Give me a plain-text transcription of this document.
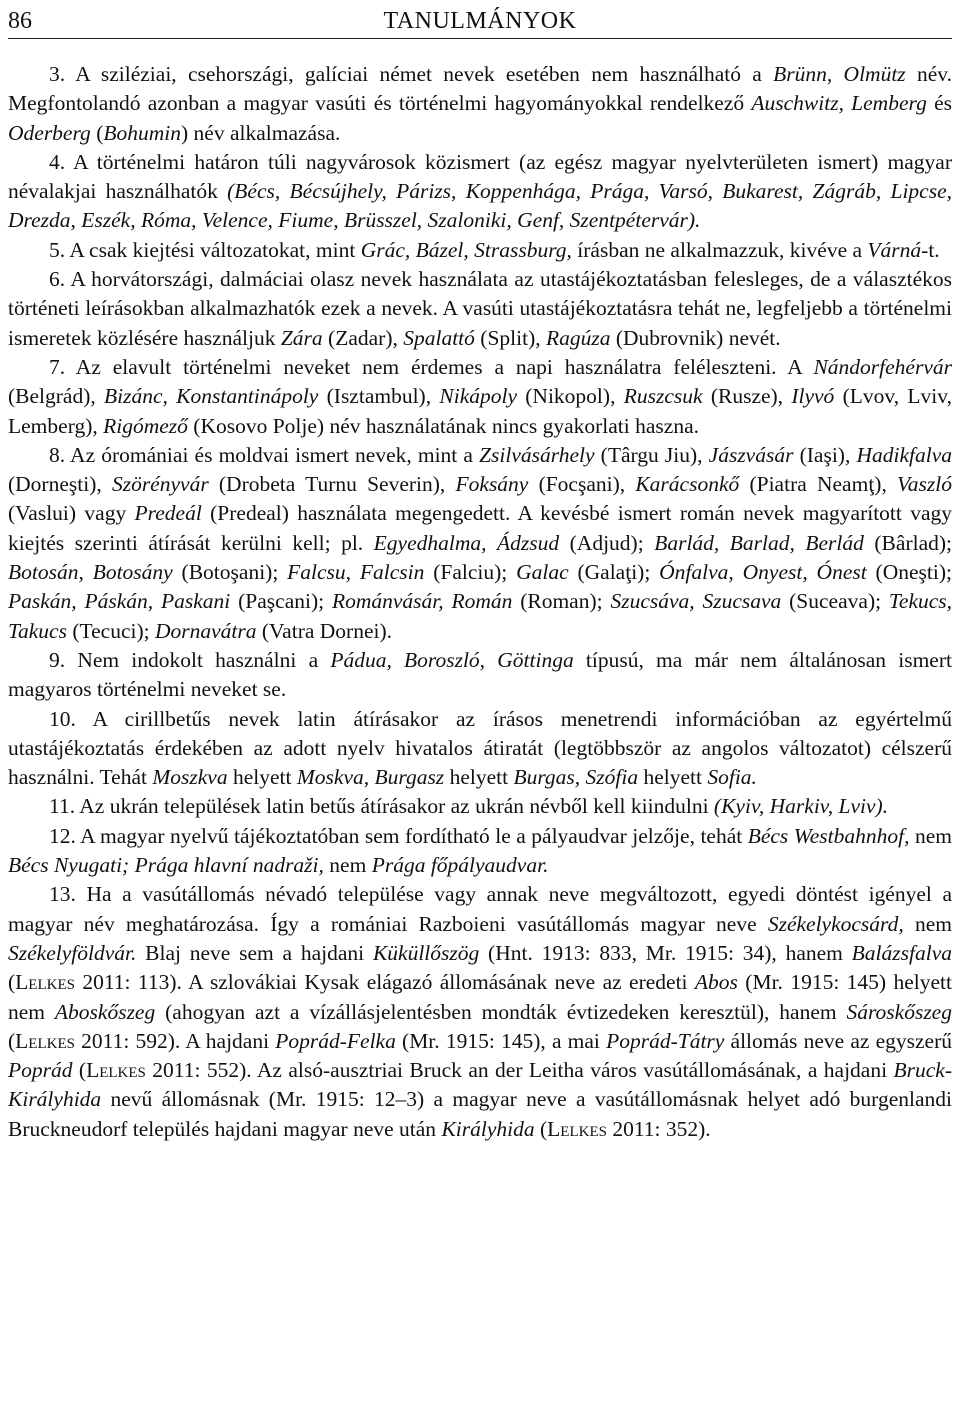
86	TANULMÁNYOK

3. A sziléziai, csehországi, galíciai német nevek esetében nem használható a Brünn, Olmütz név. Megfontolandó azonban a magyar vasúti és történelmi hagyományokkal rendelkező Auschwitz, Lemberg és Oderberg (Bohumin) név alkalmazása.

4. A történelmi határon túli nagyvárosok közismert (az egész magyar nyelvterületen ismert) magyar névalakjai használhatók (Bécs, Bécsújhely, Párizs, Koppenhága, Prága, Varsó, Bukarest, Zágráb, Lipcse, Drezda, Eszék, Róma, Velence, Fiume, Brüsszel, Szaloniki, Genf, Szentpétervár).

5. A csak kiejtési változatokat, mint Grác, Bázel, Strassburg, írásban ne alkalmazzuk, kivéve a Várná-t.

6. A horvátországi, dalmáciai olasz nevek használata az utastájékoztatásban felesleges, de a választékos történeti leírásokban alkalmazhatók ezek a nevek. A vasúti utastájékoztatásra tehát ne, legfeljebb a történelmi ismeretek közlésére használjuk Zára (Zadar), Spalattó (Split), Ragúza (Dubrovnik) nevét.

7. Az elavult történelmi neveket nem érdemes a napi használatra feléleszteni. A Nándorfehérvár (Belgrád), Bizánc, Konstantinápoly (Isztambul), Nikápoly (Nikopol), Ruszcsuk (Rusze), Ilyvó (Lvov, Lviv, Lemberg), Rigómező (Kosovo Polje) név használatának nincs gyakorlati haszna.

8. Az óromániai és moldvai ismert nevek, mint a Zsilvásárhely (Târgu Jiu), Jászvásár (Iaşi), Hadikfalva (Dorneşti), Szörényvár (Drobeta Turnu Severin), Foksány (Focşani), Karácsonkő (Piatra Neamţ), Vaszló (Vaslui) vagy Predeál (Predeal) használata megengedett. A kevésbé ismert román nevek magyarított vagy kiejtés szerinti átírását kerülni kell; pl. Egyedhalma, Ádzsud (Adjud); Barlád, Barlad, Berlád (Bârlad); Botosán, Botosány (Botoşani); Falcsu, Falcsin (Falciu); Galac (Galaţi); Ónfalva, Onyest, Ónest (Oneşti); Paskán, Páskán, Paskani (Paşcani); Románvásár, Román (Roman); Szucsáva, Szucsava (Suceava); Tekucs, Takucs (Tecuci); Dornavátra (Vatra Dornei).

9. Nem indokolt használni a Pádua, Boroszló, Göttinga típusú, ma már nem általánosan ismert magyaros történelmi neveket se.

10. A cirillbetűs nevek latin átírásakor az írásos menetrendi információban az egyértelmű utastájékoztatás érdekében az adott nyelv hivatalos átiratát (legtöbbször az angolos változatot) célszerű használni. Tehát Moszkva helyett Moskva, Burgasz helyett Burgas, Szófia helyett Sofia.

11. Az ukrán települések latin betűs átírásakor az ukrán névből kell kiindulni (Kyiv, Harkiv, Lviv).

12. A magyar nyelvű tájékoztatóban sem fordítható le a pályaudvar jelzője, tehát Bécs Westbahnhof, nem Bécs Nyugati; Prága hlavní nadraži, nem Prága főpályaudvar.

13. Ha a vasútállomás névadó települése vagy annak neve megváltozott, egyedi döntést igényel a magyar név meghatározása. Így a romániai Razboieni vasútállomás magyar neve Székelykocsárd, nem Székelyföldvár. Blaj neve sem a hajdani Küküllőszög (Hnt. 1913: 833, Mr. 1915: 34), hanem Balázsfalva (Lelkes 2011: 113). A szlovákiai Kysak elágazó állomásának neve az eredeti Abos (Mr. 1915: 145) helyett nem Aboskőszeg (ahogyan azt a vízállásjelentésben mondták évtizedeken keresztül), hanem Sároskőszeg (Lelkes 2011: 592). A hajdani Poprád-Felka (Mr. 1915: 145), a mai Poprád-Tátry állomás neve az egyszerű Poprád (Lelkes 2011: 552). Az alsó-ausztriai Bruck an der Leitha város vasútállomásának, a hajdani Bruck-Királyhida nevű állomásnak (Mr. 1915: 12–3) a magyar neve a vasútállomásnak helyet adó burgenlandi Bruckneudorf település hajdani magyar neve után Királyhida (Lelkes 2011: 352).
